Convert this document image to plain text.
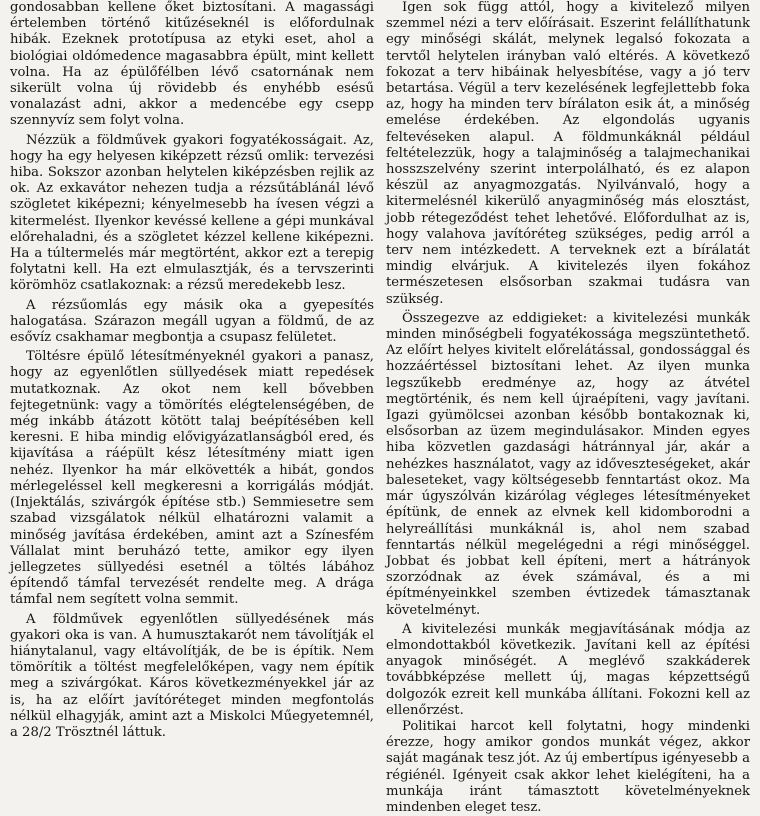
gondosabban kellene őket biztosítani. A magassági értelemben történő kitűzéseknél is előfordulnak hibák. Ezeknek prototípusa az etyki eset, ahol a biológiai oldómedence magasabbra épült, mint kellett volna. Ha az épülőfélben lévő csatornának nem sikerült volna új rövidebb és enyhébb esésű vonalazást adni, akkor a medencébe egy csepp szennyvíz sem folyt volna.

Nézzük a földművek gyakori fogyatékosságait. Az, hogy ha egy helyesen kiképzett rézsű omlik: tervezési hiba. Sokszor azonban helytelen kiképzésben rejlik az ok. Az exkavátor nehezen tudja a rézsűtáblánál lévő szögletet kiképezni; kényelmesebb ha ívesen végzi a kitermelést. Ilyenkor kevéssé kellene a gépi munkával előrehaladni, és a szögletet kézzel kellene kiképezni. Ha a túltermelés már megtörtént, akkor ezt a terepig folytatni kell. Ha ezt elmulasztják, és a tervszerinti körömhöz csatlakoznak: a rézsű meredekebb lesz.

A rézsűomlás egy másik oka a gyepesítés halogatása. Szárazon megáll ugyan a földmű, de az esővíz csakhamar megbontja a csupasz felületet.

Töltésre épülő létesítményeknél gyakori a panasz, hogy az egyenlőtlen süllyedések miatt repedések mutatkoznak. Az okot nem kell bővebben fejtegetnünk: vagy a tömörítés elégtelenségében, de még inkább átázott kötött talaj beépítésében kell keresni. E hiba mindig elővigyázatlanságból ered, és kijavítása a ráépült kész létesítmény miatt igen nehéz. Ilyenkor ha már elkövették a hibát, gondos mérlegeléssel kell megkeresni a korrigálás módját. (Injektálás, szivárgók építése stb.) Semmiesetre sem szabad vizsgálatok nélkül elhatározni valamit a minőség javítása érdekében, amint azt a Színesfém Vállalat mint beruházó tette, amikor egy ilyen jellegzetes süllyedési esetnél a töltés lábához építendő támfal tervezését rendelte meg. A drága támfal nem segített volna semmit.

A földművek egyenlőtlen süllyedésének más gyakori oka is van. A humusztakarót nem távolítják el hiánytalanul, vagy eltávolítják, de be is építik. Nem tömörítik a töltést megfelelőképen, vagy nem építik meg a szivárgókat. Káros következményekkel jár az is, ha az előírt javítóréteget minden megfontolás nélkül elhagyják, amint azt a Miskolci Műegyetemnél, a 28/2 Trösztnél láttuk.

Igen sok függ attól, hogy a kivitelező milyen szemmel nézi a terv előírásait. Eszerint felállíthatunk egy minőségi skálát, melynek legalsó fokozata a tervtől helytelen irányban való eltérés. A következő fokozat a terv hibáinak helyesbítése, vagy a jó terv betartása. Végül a terv kezelésének legfejlettebb foka az, hogy ha minden terv bírálaton esik át, a minőség emelése érdekében. Az elgondolás ugyanis feltevéseken alapul. A földmunkáknál például feltételezzük, hogy a talajminőség a talajmechanikai hosszszelvény szerint interpolálható, és ez alapon készül az anyagmozgatás. Nyilvánvaló, hogy a kitermelésnél kikerülő anyagminőség más elosztást, jobb rétegeződést tehet lehetővé. Előfordulhat az is, hogy valahova javítóréteg szükséges, pedig arról a terv nem intézkedett. A terveknek ezt a bírálatát mindig elvárjuk. A kivitelezés ilyen fokához természetesen elsősorban szakmai tudásra van szükség.

Összegezve az eddigieket: a kivitelezési munkák minden minőségbeli fogyatékossága megszüntethető. Az előírt helyes kivitelt előrelátással, gondossággal és hozzáértéssel biztosítani lehet. Az ilyen munka legszűkebb eredménye az, hogy az átvétel megtörténik, és nem kell újraépíteni, vagy javítani. Igazi gyümölcsei azonban később bontakoznak ki, elsősorban az üzem megindulásakor. Minden egyes hiba közvetlen gazdasági hátránnyal jár, akár a nehézkes használatot, vagy az időveszteségeket, akár baleseteket, vagy költségesebb fenntartást okoz. Ma már úgyszólván kizárólag végleges létesítményeket építünk, de ennek az elvnek kell kidomborodni a helyreállítási munkáknál is, ahol nem szabad fenntartás nélkül megelégedni a régi minőséggel. Jobbat és jobbat kell építeni, mert a hátrányok szorzódnak az évek számával, és a mi építményeinkkel szemben évtizedek támasztanak követelményt.

A kivitelezési munkák megjavításának módja az elmondottakból következik. Javítani kell az építési anyagok minőségét. A meglévő szakkáderek továbbképzése mellett új, magas képzettségű dolgozók ezreit kell munkába állítani. Fokozni kell az ellenőrzést.

Politikai harcot kell folytatni, hogy mindenki érezze, hogy amikor gondos munkát végez, akkor saját magának tesz jót. Az új embertípus igényesebb a régiénél. Igényeit csak akkor lehet kielégíteni, ha a munkája iránt támasztott követelményeknek mindenben eleget tesz.
